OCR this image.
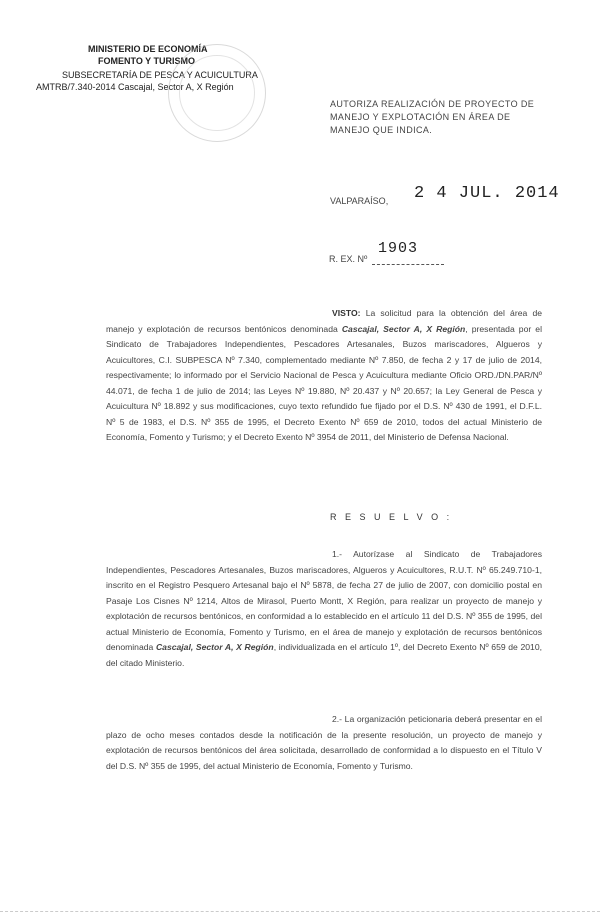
MINISTERIO DE ECONOMÍA
FOMENTO Y TURISMO
SUBSECRETARÍA DE PESCA Y ACUICULTURA
AMTRB/7.340-2014 Cascajal, Sector A, X Región
AUTORIZA REALIZACIÓN DE PROYECTO DE MANEJO Y EXPLOTACIÓN EN ÁREA DE MANEJO QUE INDICA.
VALPARAÍSO, 2 4 JUL. 2014
R. EX. Nº
1903
VISTO: La solicitud para la obtención del área de manejo y explotación de recursos bentónicos denominada Cascajal, Sector A, X Región, presentada por el Sindicato de Trabajadores Independientes, Pescadores Artesanales, Buzos mariscadores, Algueros y Acuicultores, C.I. SUBPESCA Nº 7.340, complementado mediante Nº 7.850, de fecha 2 y 17 de julio de 2014, respectivamente; lo informado por el Servicio Nacional de Pesca y Acuicultura mediante Oficio ORD./DN.PAR/Nº 44.071, de fecha 1 de julio de 2014; las Leyes Nº 19.880, Nº 20.437 y Nº 20.657; la Ley General de Pesca y Acuicultura Nº 18.892 y sus modificaciones, cuyo texto refundido fue fijado por el D.S. Nº 430 de 1991, el D.F.L. Nº 5 de 1983, el D.S. Nº 355 de 1995, el Decreto Exento Nº 659 de 2010, todos del actual Ministerio de Economía, Fomento y Turismo; y el Decreto Exento Nº 3954 de 2011, del Ministerio de Defensa Nacional.
R E S U E L V O :
1.- Autorízase al Sindicato de Trabajadores Independientes, Pescadores Artesanales, Buzos mariscadores, Algueros y Acuicultores, R.U.T. Nº 65.249.710-1, inscrito en el Registro Pesquero Artesanal bajo el Nº 5878, de fecha 27 de julio de 2007, con domicilio postal en Pasaje Los Cisnes Nº 1214, Altos de Mirasol, Puerto Montt, X Región, para realizar un proyecto de manejo y explotación de recursos bentónicos, en conformidad a lo establecido en el artículo 11 del D.S. Nº 355 de 1995, del actual Ministerio de Economía, Fomento y Turismo, en el área de manejo y explotación de recursos bentónicos denominada Cascajal, Sector A, X Región, individualizada en el artículo 1º, del Decreto Exento Nº 659 de 2010, del citado Ministerio.
2.- La organización peticionaria deberá presentar en el plazo de ocho meses contados desde la notificación de la presente resolución, un proyecto de manejo y explotación de recursos bentónicos del área solicitada, desarrollado de conformidad a lo dispuesto en el Título V del D.S. Nº 355 de 1995, del actual Ministerio de Economía, Fomento y Turismo.
